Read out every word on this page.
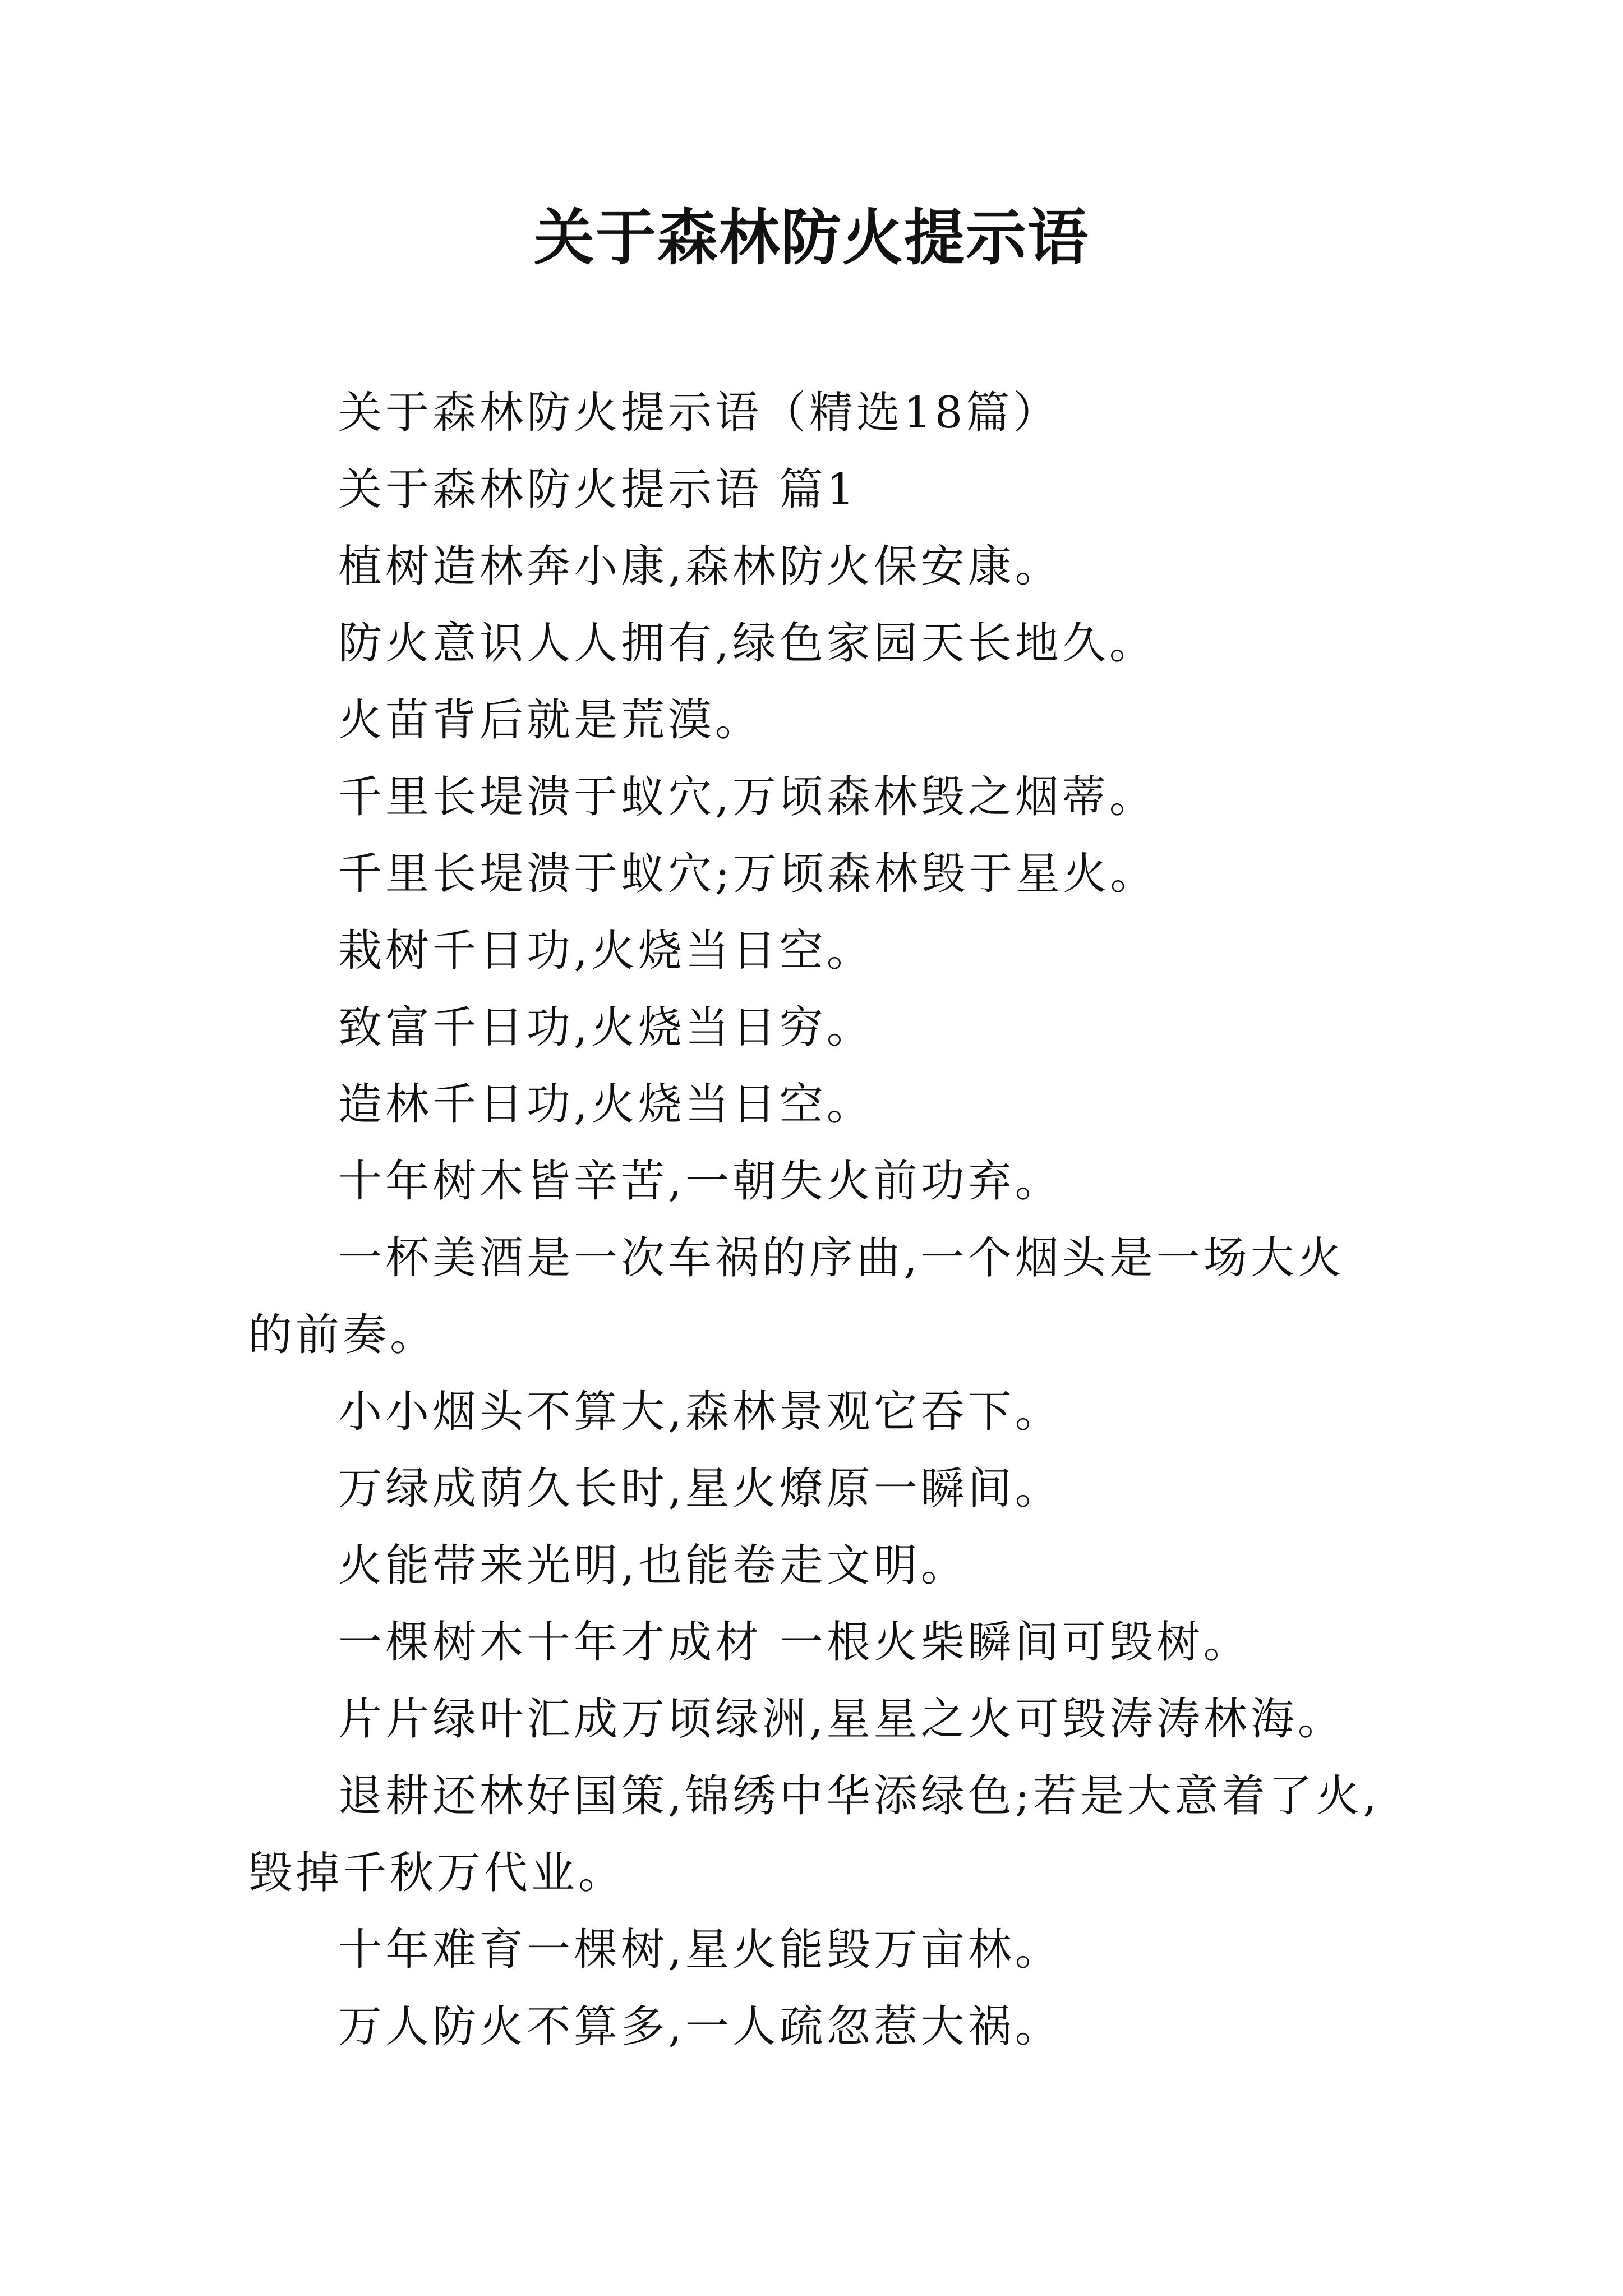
关于森林防火提示语

关于森林防火提示语（精选18篇）

关于森林防火提示语 篇1

植树造林奔小康,森林防火保安康。

防火意识人人拥有,绿色家园天长地久。

火苗背后就是荒漠。

千里长堤溃于蚁穴,万顷森林毁之烟蒂。

千里长堤溃于蚁穴;万顷森林毁于星火。

栽树千日功,火烧当日空。

致富千日功,火烧当日穷。

造林千日功,火烧当日空。

十年树木皆辛苦,一朝失火前功弃。

一杯美酒是一次车祸的序曲,一个烟头是一场大火的前奏。

小小烟头不算大,森林景观它吞下。

万绿成荫久长时,星火燎原一瞬间。

火能带来光明,也能卷走文明。

一棵树木十年才成材 一根火柴瞬间可毁树。

片片绿叶汇成万顷绿洲,星星之火可毁涛涛林海。

退耕还林好国策,锦绣中华添绿色;若是大意着了火,毁掉千秋万代业。

十年难育一棵树,星火能毁万亩林。

万人防火不算多,一人疏忽惹大祸。
